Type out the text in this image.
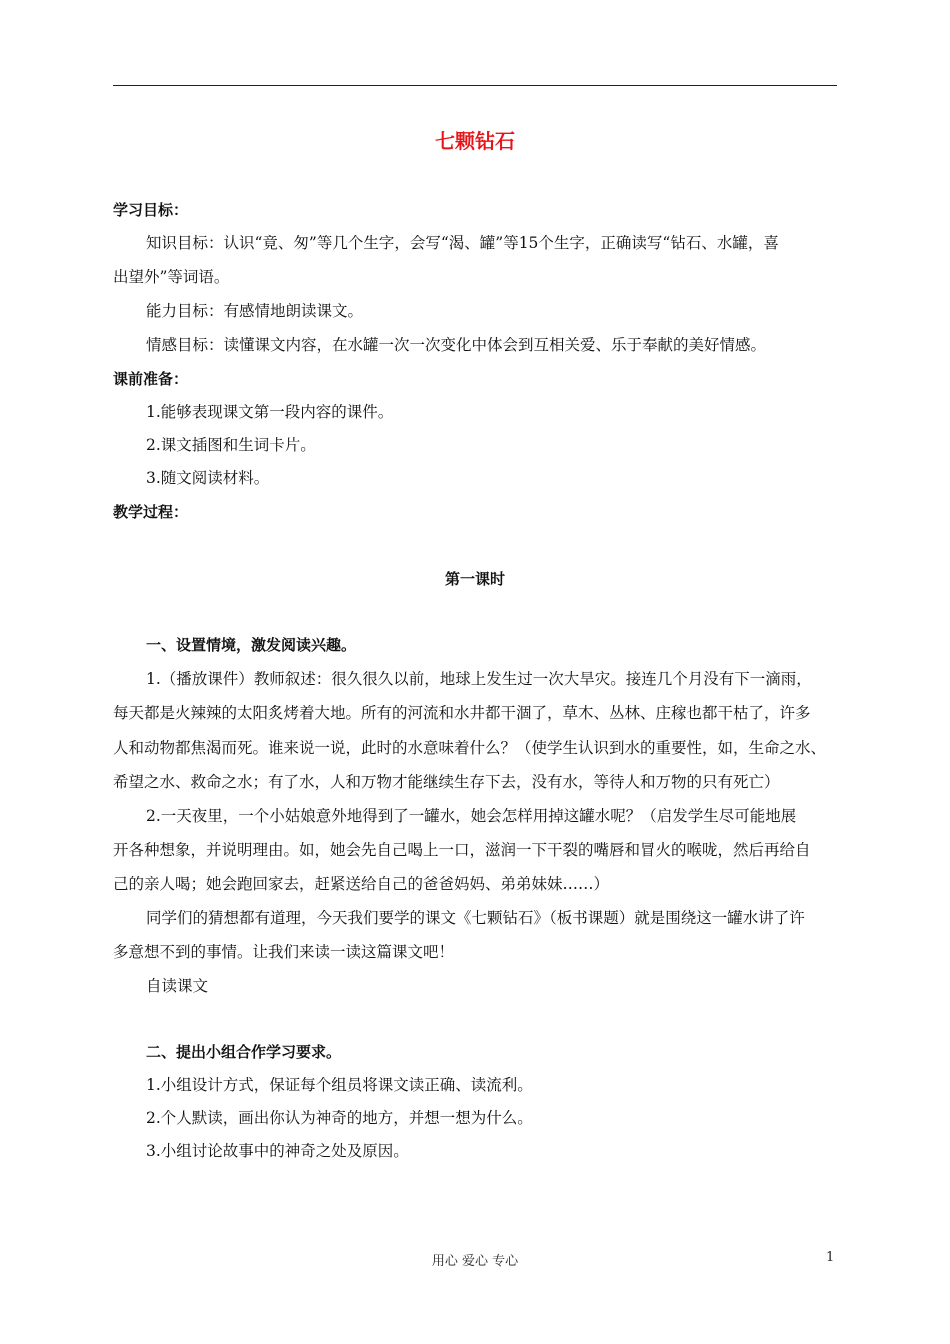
七颗钻石
学习目标：
知识目标：认识“竟、匆”等几个生字，会写“渴、罐”等15个生字，正确读写“钻石、水罐，喜
出望外”等词语。
能力目标：有感情地朗读课文。
情感目标：读懂课文内容，在水罐一次一次变化中体会到互相关爱、乐于奉献的美好情感。
课前准备：
1.能够表现课文第一段内容的课件。
2.课文插图和生词卡片。
3.随文阅读材料。
教学过程：
第一课时
一、设置情境，激发阅读兴趣。
1.（播放课件）教师叙述：很久很久以前，地球上发生过一次大旱灾。接连几个月没有下一滴雨，
每天都是火辣辣的太阳炙烤着大地。所有的河流和水井都干涸了，草木、丛林、庄稼也都干枯了，许多
人和动物都焦渴而死。谁来说一说，此时的水意味着什么？（使学生认识到水的重要性，如，生命之水、
希望之水、救命之水；有了水，人和万物才能继续生存下去，没有水，等待人和万物的只有死亡）
2.一天夜里，一个小姑娘意外地得到了一罐水，她会怎样用掉这罐水呢？（启发学生尽可能地展
开各种想象，并说明理由。如，她会先自己喝上一口，滋润一下干裂的嘴唇和冒火的喉咙，然后再给自
己的亲人喝；她会跑回家去，赶紧送给自己的爸爸妈妈、弟弟妹妹……）
同学们的猜想都有道理，今天我们要学的课文《七颗钻石》（板书课题）就是围绕这一罐水讲了许
多意想不到的事情。让我们来读一读这篇课文吧！
自读课文
二、提出小组合作学习要求。
1.小组设计方式，保证每个组员将课文读正确、读流利。
2.个人默读，画出你认为神奇的地方，并想一想为什么。
3.小组讨论故事中的神奇之处及原因。
用心 爱心 专心	1
